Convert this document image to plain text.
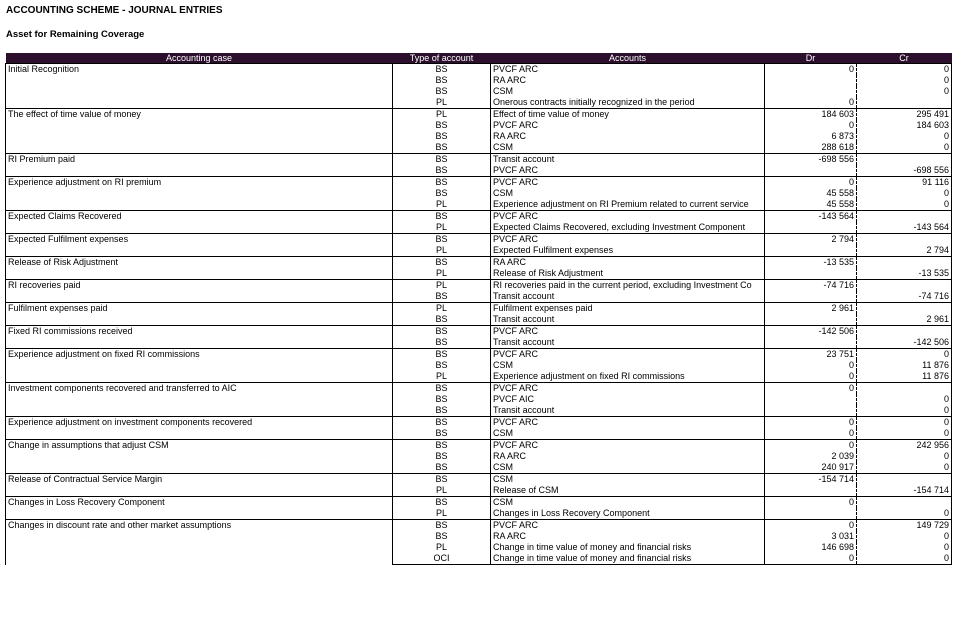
ACCOUNTING SCHEME - JOURNAL ENTRIES
Asset for Remaining Coverage
Accounting case	Type of account	Accounts	Dr	Cr
Initial Recognition	BS	PVCF ARC	0	0
	BS	RA ARC		0
	BS	CSM		0
	PL	Onerous contracts initially recognized in the period	0	
The effect of time value of money	PL	Effect of time value of money	184 603	295 491
	BS	PVCF ARC	0	184 603
	BS	RA ARC	6 873	0
	BS	CSM	288 618	0
RI Premium paid	BS	Transit account	-698 556	
	BS	PVCF ARC		-698 556
Experience adjustment on RI premium	BS	PVCF ARC	0	91 116
	BS	CSM	45 558	0
	PL	Experience adjustment on RI Premium related to current service	45 558	0
Expected Claims Recovered	BS	PVCF ARC	-143 564	
	PL	Expected Claims Recovered, excluding Investment Component		-143 564
Expected Fulfilment expenses	BS	PVCF ARC	2 794	
	PL	Expected Fulfilment expenses		2 794
Release of Risk Adjustment	BS	RA ARC	-13 535	
	PL	Release of Risk Adjustment		-13 535
RI recoveries paid	PL	RI recoveries paid in the current period, excluding Investment Co	-74 716	
	BS	Transit account		-74 716
Fulfilment expenses paid	PL	Fulfilment expenses paid	2 961	
	BS	Transit account		2 961
Fixed RI commissions received	BS	PVCF ARC	-142 506	
	BS	Transit account		-142 506
Experience adjustment on fixed RI commissions	BS	PVCF ARC	23 751	0
	BS	CSM	0	11 876
	PL	Experience adjustment on fixed RI commissions	0	11 876
Investment components recovered and transferred to AIC	BS	PVCF ARC	0	
	BS	PVCF AIC		0
	BS	Transit account		0
Experience adjustment on investment components recovered	BS	PVCF ARC	0	0
	BS	CSM	0	0
Change in assumptions that adjust CSM	BS	PVCF ARC	0	242 956
	BS	RA ARC	2 039	0
	BS	CSM	240 917	0
Release of Contractual Service Margin	BS	CSM	-154 714	
	PL	Release of CSM		-154 714
Changes in Loss Recovery Component	BS	CSM	0	
	PL	Changes in Loss Recovery Component		0
Changes in discount rate and other market assumptions	BS	PVCF ARC	0	149 729
	BS	RA ARC	3 031	0
	PL	Change in time value of money and financial risks	146 698	0
	OCI	Change in time value of money and financial risks	0	0
